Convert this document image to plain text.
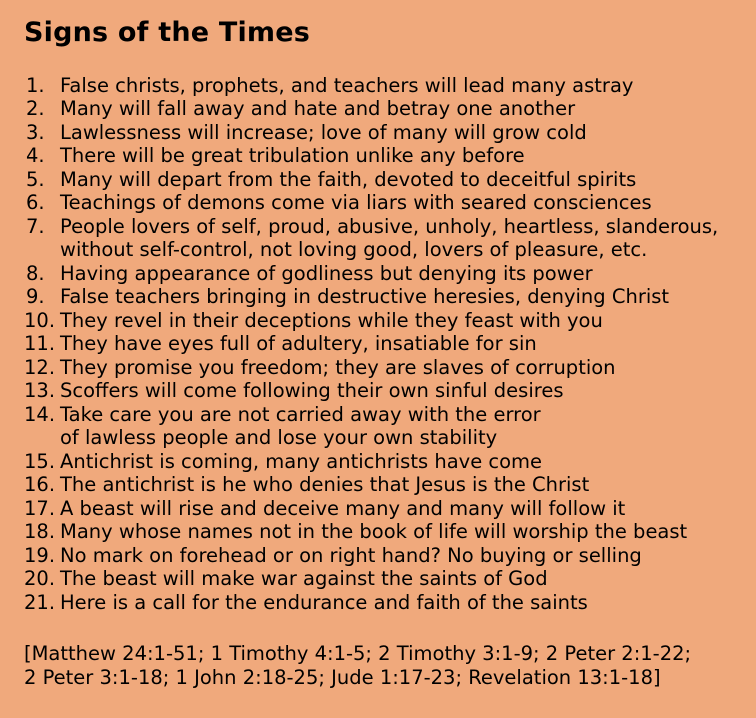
Signs of the Times
1. False christs, prophets, and teachers will lead many astray
2. Many will fall away and hate and betray one another
3. Lawlessness will increase; love of many will grow cold
4. There will be great tribulation unlike any before
5. Many will depart from the faith, devoted to deceitful spirits
6. Teachings of demons come via liars with seared consciences
7. People lovers of self, proud, abusive, unholy, heartless, slanderous,
without self-control, not loving good, lovers of pleasure, etc.
8. Having appearance of godliness but denying its power
9. False teachers bringing in destructive heresies, denying Christ
10. They revel in their deceptions while they feast with you
11. They have eyes full of adultery, insatiable for sin
12. They promise you freedom; they are slaves of corruption
13. Scoffers will come following their own sinful desires
14. Take care you are not carried away with the error
of lawless people and lose your own stability
15. Antichrist is coming, many antichrists have come
16. The antichrist is he who denies that Jesus is the Christ
17. A beast will rise and deceive many and many will follow it
18. Many whose names not in the book of life will worship the beast
19. No mark on forehead or on right hand? No buying or selling
20. The beast will make war against the saints of God
21. Here is a call for the endurance and faith of the saints
[Matthew 24:1-51; 1 Timothy 4:1-5; 2 Timothy 3:1-9; 2 Peter 2:1-22;
2 Peter 3:1-18; 1 John 2:18-25; Jude 1:17-23; Revelation 13:1-18]
